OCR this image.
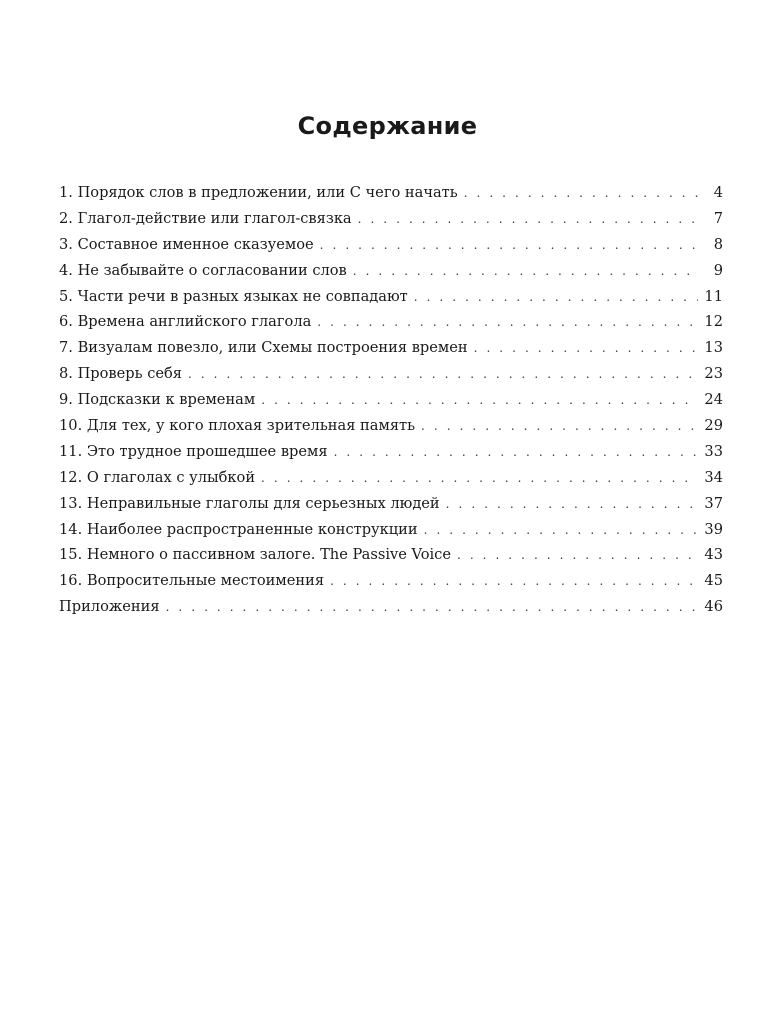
Содержание
1. Порядок слов в предложении, или С чего начать . . .	4
2. Глагол-действие или глагол-связка . . .	7
3. Составное именное сказуемое . . .	8
4. Не забывайте о согласовании слов . . .	9
5. Части речи в разных языках не совпадают . . .	11
6. Времена английского глагола . . .	12
7. Визуалам повезло, или Схемы построения времен . . .	13
8. Проверь себя . . .	23
9. Подсказки к временам . . .	24
10. Для тех, у кого плохая зрительная память . . .	29
11. Это трудное прошедшее время . . .	33
12. О глаголах с улыбкой . . .	34
13. Неправильные глаголы для серьезных людей . . .	37
14. Наиболее распространенные конструкции . . .	39
15. Немного о пассивном залоге. The Passive Voice . . .	43
16. Вопросительные местоимения . . .	45
Приложения . . .	46
